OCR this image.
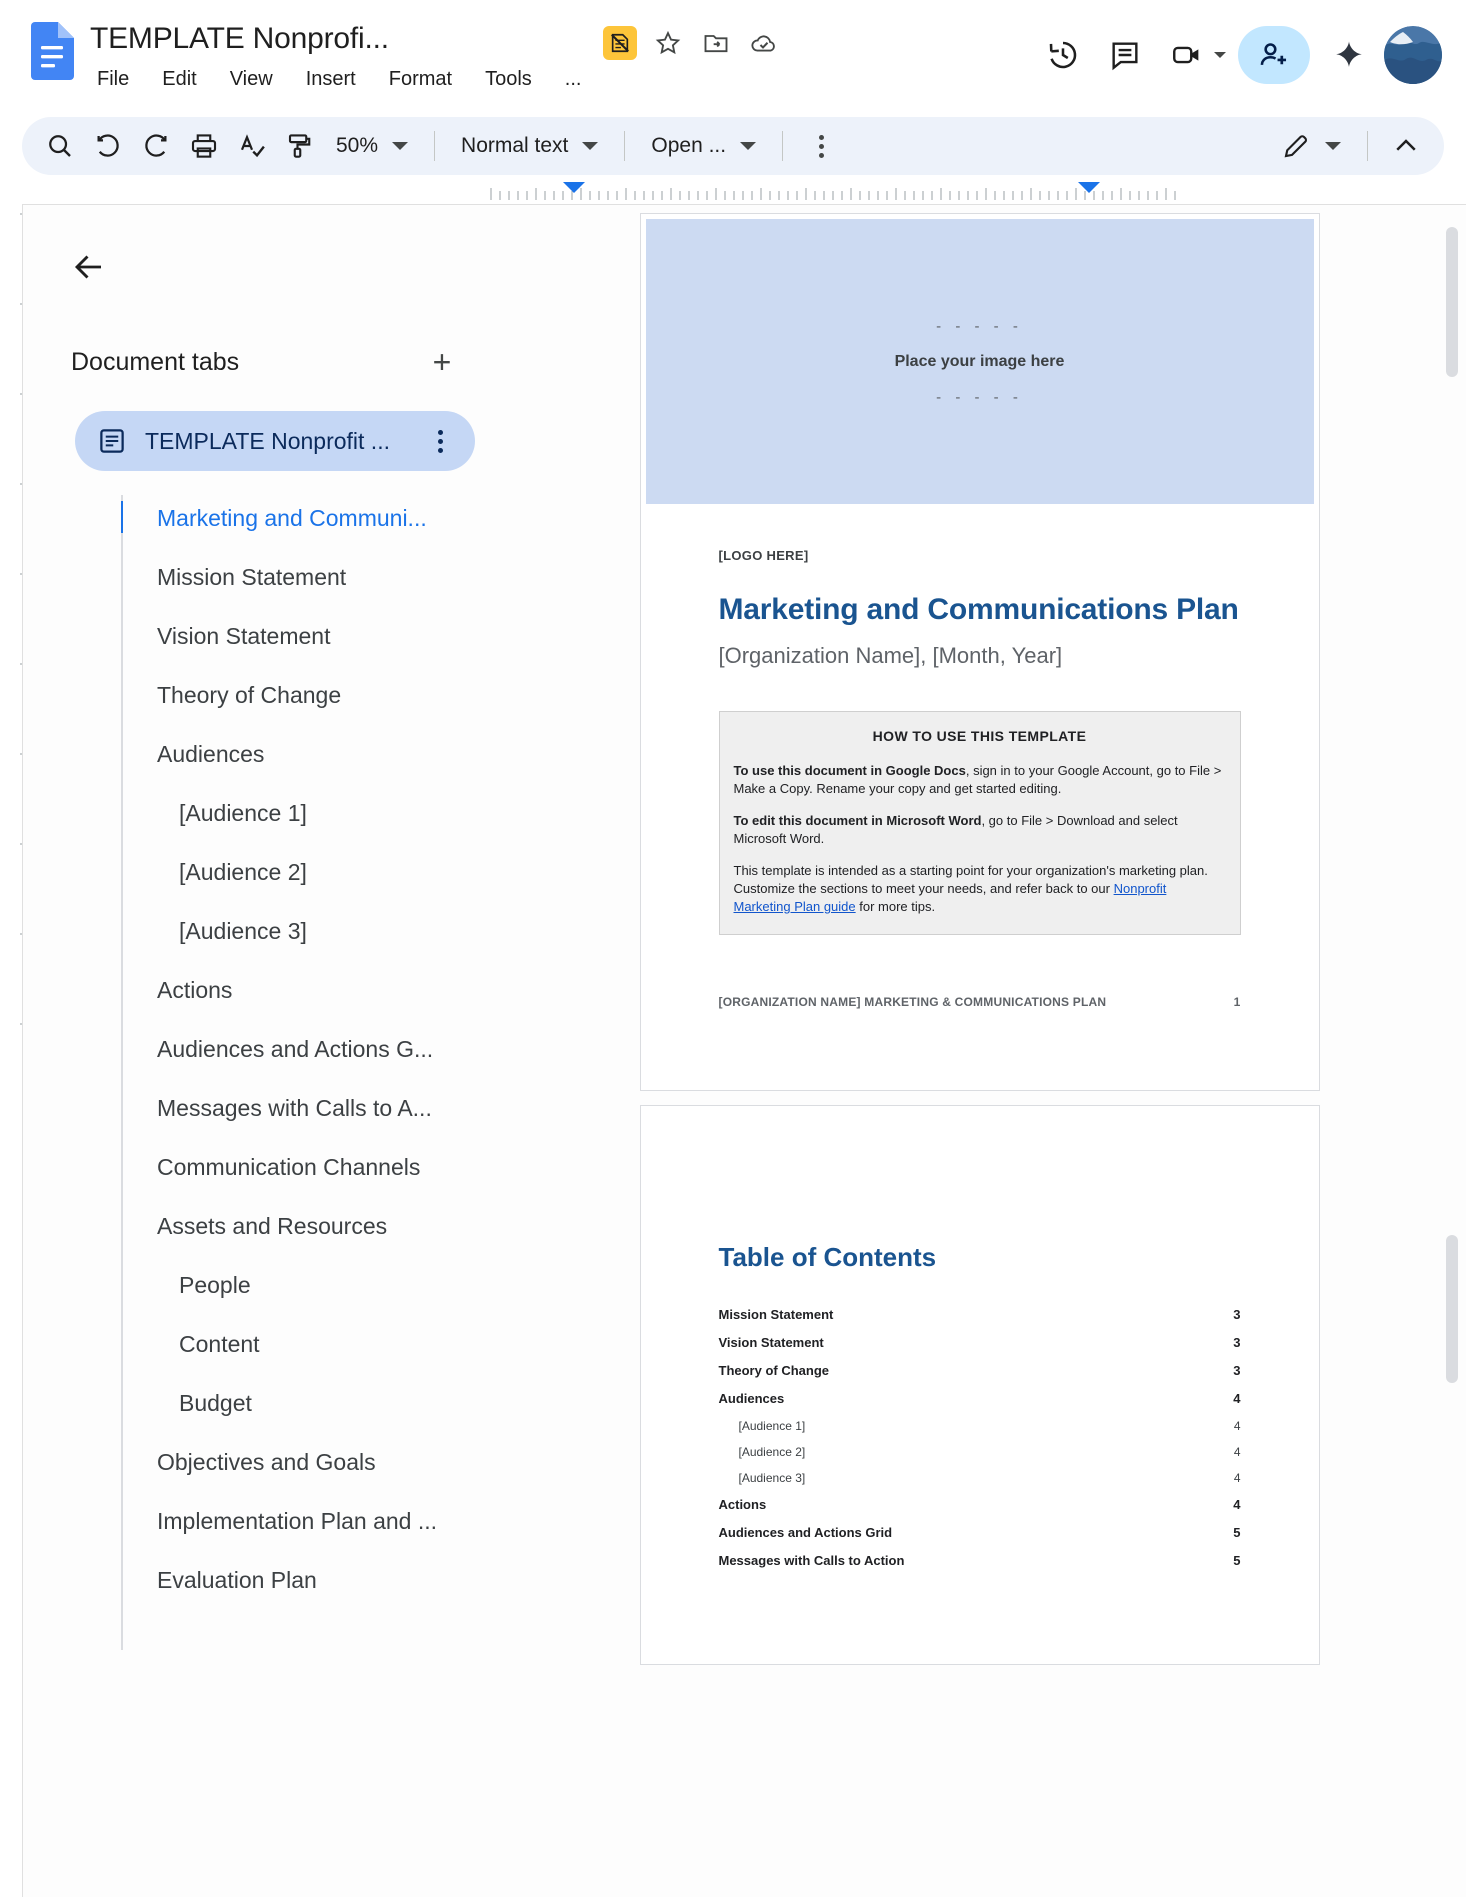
TEMPLATE Nonprofi...
File Edit View Insert Format Tools ...
50%	Normal text	Open ...
Document tabs	+
TEMPLATE Nonprofit ...
Marketing and Communi...
Mission Statement
Vision Statement
Theory of Change
Audiences
[Audience 1]
[Audience 2]
[Audience 3]
Actions
Audiences and Actions G...
Messages with Calls to A...
Communication Channels
Assets and Resources
People
Content
Budget
Objectives and Goals
Implementation Plan and ...
Evaluation Plan
- - - - -
Place your image here
- - - - -
[LOGO HERE]
Marketing and Communications Plan
[Organization Name], [Month, Year]
HOW TO USE THIS TEMPLATE
To use this document in Google Docs, sign in to your Google Account, go to File > Make a Copy. Rename your copy and get started editing.
To edit this document in Microsoft Word, go to File > Download and select Microsoft Word.
This template is intended as a starting point for your organization's marketing plan. Customize the sections to meet your needs, and refer back to our Nonprofit Marketing Plan guide for more tips.
[ORGANIZATION NAME] MARKETING & COMMUNICATIONS PLAN	1
Table of Contents
Mission Statement	3
Vision Statement	3
Theory of Change	3
Audiences	4
[Audience 1]	4
[Audience 2]	4
[Audience 3]	4
Actions	4
Audiences and Actions Grid	5
Messages with Calls to Action	5
